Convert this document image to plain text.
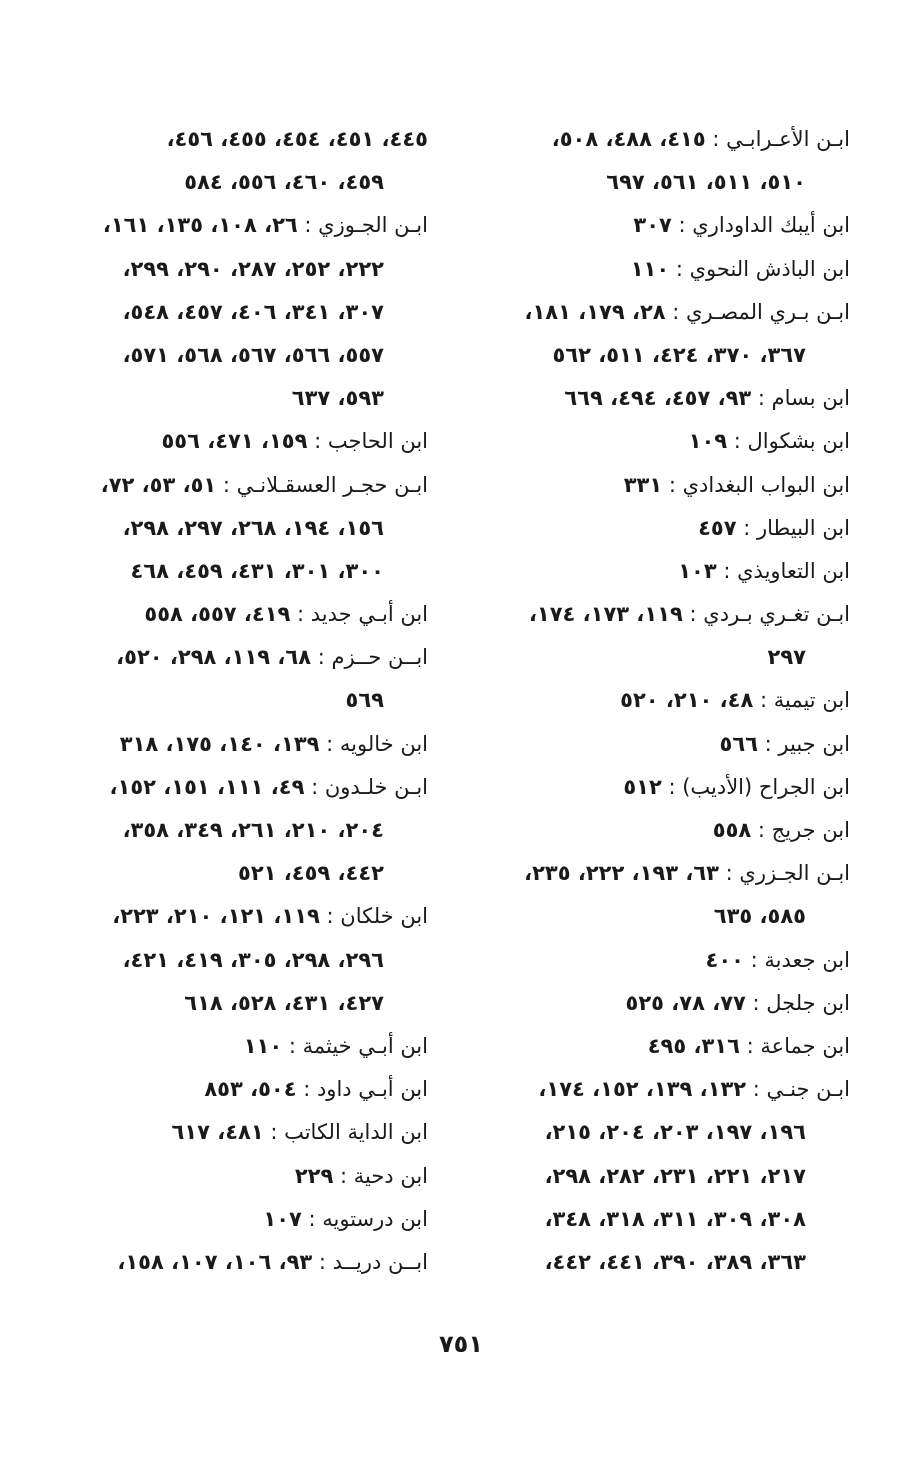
ابـن الأعـرابـي : ٤١٥، ٤٨٨، ٥٠٨،
٥١٠، ٥١١، ٥٦١، ٦٩٧
ابن أيبك الداوداري : ٣٠٧
ابن الباذش النحوي : ١١٠
ابـن بـري المصـري : ٢٨، ١٧٩، ١٨١،
٣٦٧، ٣٧٠، ٤٢٤، ٥١١، ٥٦٢
ابن بسام : ٩٣، ٤٥٧، ٤٩٤، ٦٦٩
ابن بشكوال : ١٠٩
ابن البواب البغدادي : ٣٣١
ابن البيطار : ٤٥٧
ابن التعاويذي : ١٠٣
ابـن تغـري بـردي : ١١٩، ١٧٣، ١٧٤،
٢٩٧
ابن تيمية : ٤٨، ٢١٠، ٥٢٠
ابن جبير : ٥٦٦
ابن الجراح (الأديب) : ٥١٢
ابن جريج : ٥٥٨
ابـن الجـزري : ٦٣، ١٩٣، ٢٢٢، ٢٣٥،
٥٨٥، ٦٣٥
ابن جعدبة : ٤٠٠
ابن جلجل : ٧٧، ٧٨، ٥٢٥
ابن جماعة : ٣١٦، ٤٩٥
ابـن جنـي : ١٣٢، ١٣٩، ١٥٢، ١٧٤،
١٩٦، ١٩٧، ٢٠٣، ٢٠٤، ٢١٥،
٢١٧، ٢٢١، ٢٣١، ٢٨٢، ٢٩٨،
٣٠٨، ٣٠٩، ٣١١، ٣١٨، ٣٤٨،
٣٦٣، ٣٨٩، ٣٩٠، ٤٤١، ٤٤٢،
٤٤٥، ٤٥١، ٤٥٤، ٤٥٥، ٤٥٦،
٤٥٩، ٤٦٠، ٥٥٦، ٥٨٤
ابـن الجـوزي : ٢٦، ١٠٨، ١٣٥، ١٦١،
٢٢٢، ٢٥٢، ٢٨٧، ٢٩٠، ٢٩٩،
٣٠٧، ٣٤١، ٤٠٦، ٤٥٧، ٥٤٨،
٥٥٧، ٥٦٦، ٥٦٧، ٥٦٨، ٥٧١،
٥٩٣، ٦٣٧
ابن الحاجب : ١٥٩، ٤٧١، ٥٥٦
ابـن حجـر العسقـلانـي : ٥١، ٥٣، ٧٢،
١٥٦، ١٩٤، ٢٦٨، ٢٩٧، ٢٩٨،
٣٠٠، ٣٠١، ٤٣١، ٤٥٩، ٤٦٨
ابن أبـي جديد : ٤١٩، ٥٥٧، ٥٥٨
ابــن حــزم : ٦٨، ١١٩، ٢٩٨، ٥٢٠،
٥٦٩
ابن خالويه : ١٣٩، ١٤٠، ١٧٥، ٣١٨
ابـن خلـدون : ٤٩، ١١١، ١٥١، ١٥٢،
٢٠٤، ٢١٠، ٢٦١، ٣٤٩، ٣٥٨،
٤٤٢، ٤٥٩، ٥٢١
ابن خلكان : ١١٩، ١٢١، ٢١٠، ٢٢٣،
٢٩٦، ٢٩٨، ٣٠٥، ٤١٩، ٤٢١،
٤٢٧، ٤٣١، ٥٢٨، ٦١٨
ابن أبـي خيثمة : ١١٠
ابن أبـي داود : ٥٠٤، ٨٥٣
ابن الداية الكاتب : ٤٨١، ٦١٧
ابن دحية : ٢٢٩
ابن درستويه : ١٠٧
ابــن دريــد : ٩٣، ١٠٦، ١٠٧، ١٥٨،
٧٥١
